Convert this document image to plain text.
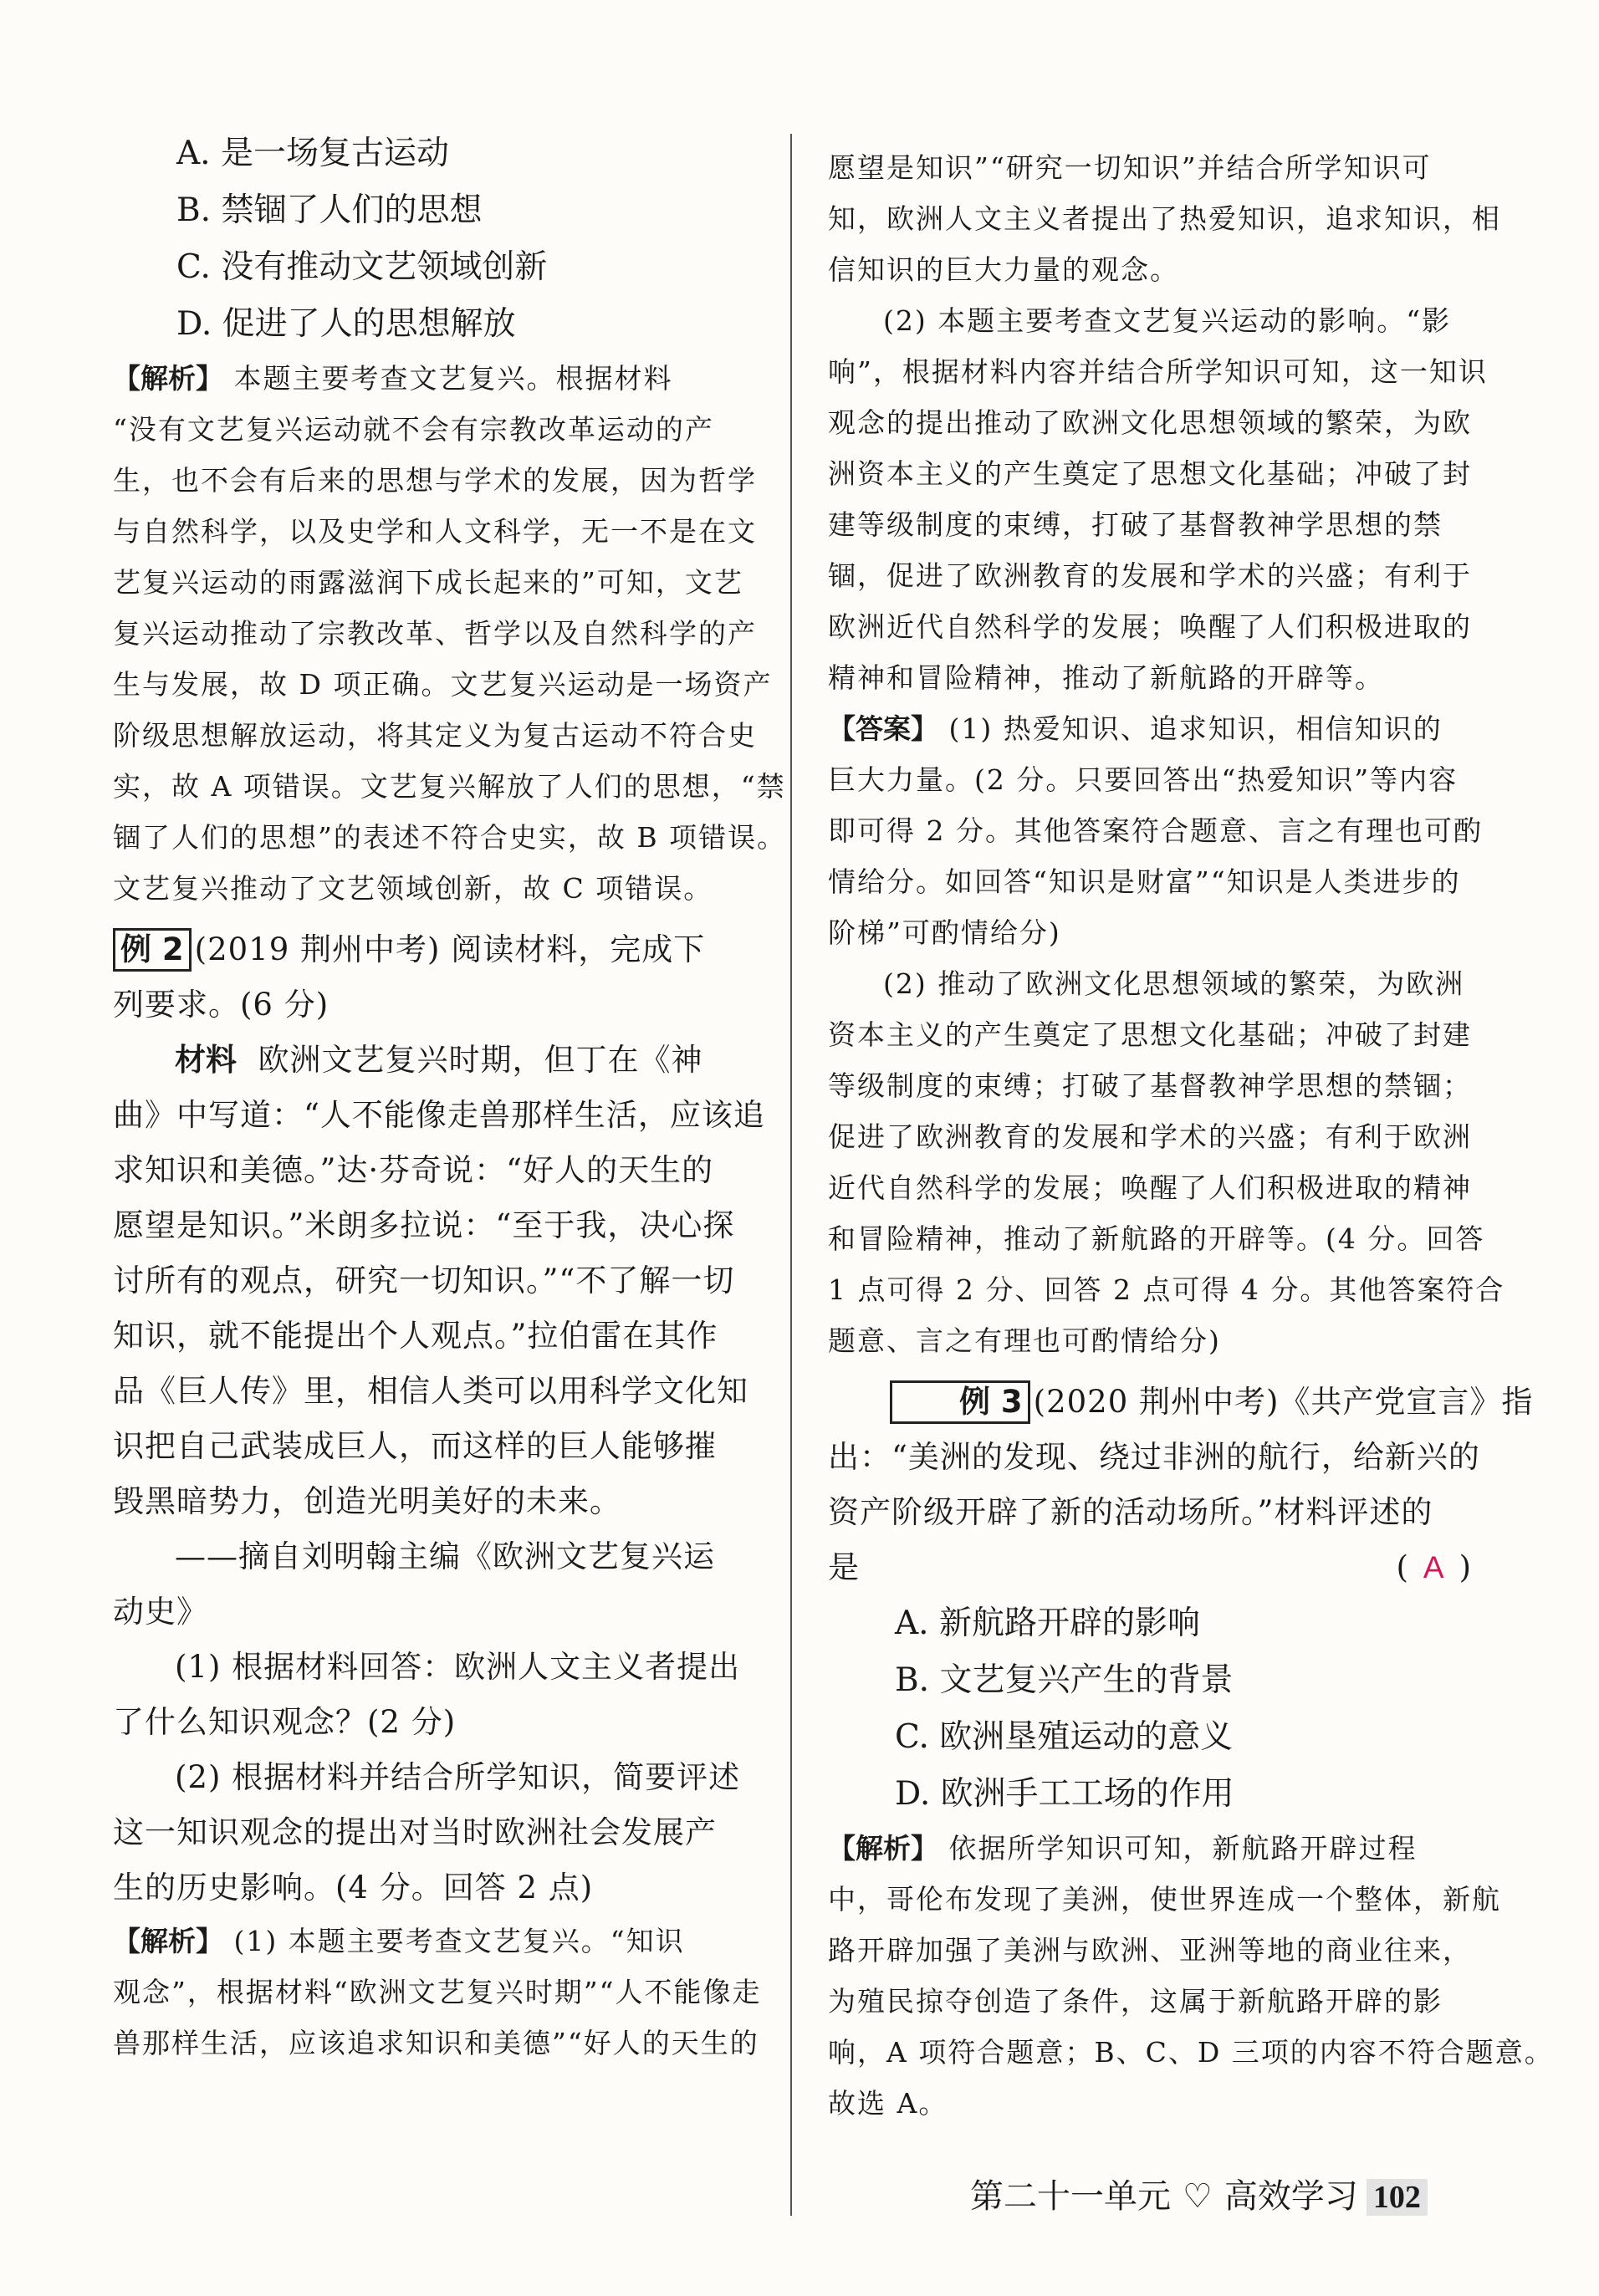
A. 是一场复古运动
B. 禁锢了人们的思想
C. 没有推动文艺领域创新
D. 促进了人的思想解放
【解析】 本题主要考查文艺复兴。根据材料
“没有文艺复兴运动就不会有宗教改革运动的产
生，也不会有后来的思想与学术的发展，因为哲学
与自然科学，以及史学和人文科学，无一不是在文
艺复兴运动的雨露滋润下成长起来的”可知，文艺
复兴运动推动了宗教改革、哲学以及自然科学的产
生与发展，故 D 项正确。文艺复兴运动是一场资产
阶级思想解放运动，将其定义为复古运动不符合史
实，故 A 项错误。文艺复兴解放了人们的思想，“禁
锢了人们的思想”的表述不符合史实，故 B 项错误。
文艺复兴推动了文艺领域创新，故 C 项错误。
例 2 (2019 荆州中考) 阅读材料，完成下
列要求。(6 分)
材料 欧洲文艺复兴时期，但丁在《神
曲》中写道：“人不能像走兽那样生活，应该追
求知识和美德。”达·芬奇说：“好人的天生的
愿望是知识。”米朗多拉说：“至于我，决心探
讨所有的观点，研究一切知识。”“不了解一切
知识，就不能提出个人观点。”拉伯雷在其作
品《巨人传》里，相信人类可以用科学文化知
识把自己武装成巨人，而这样的巨人能够摧
毁黑暗势力，创造光明美好的未来。
——摘自刘明翰主编《欧洲文艺复兴运
动史》
(1) 根据材料回答：欧洲人文主义者提出
了什么知识观念？(2 分)
(2) 根据材料并结合所学知识，简要评述
这一知识观念的提出对当时欧洲社会发展产
生的历史影响。(4 分。回答 2 点)
【解析】 (1) 本题主要考查文艺复兴。“知识
观念”，根据材料“欧洲文艺复兴时期”“人不能像走
兽那样生活，应该追求知识和美德”“好人的天生的
愿望是知识”“研究一切知识”并结合所学知识可
知，欧洲人文主义者提出了热爱知识，追求知识，相
信知识的巨大力量的观念。
(2) 本题主要考查文艺复兴运动的影响。“影
响”，根据材料内容并结合所学知识可知，这一知识
观念的提出推动了欧洲文化思想领域的繁荣，为欧
洲资本主义的产生奠定了思想文化基础；冲破了封
建等级制度的束缚，打破了基督教神学思想的禁
锢，促进了欧洲教育的发展和学术的兴盛；有利于
欧洲近代自然科学的发展；唤醒了人们积极进取的
精神和冒险精神，推动了新航路的开辟等。
【答案】 (1) 热爱知识、追求知识，相信知识的
巨大力量。(2 分。只要回答出“热爱知识”等内容
即可得 2 分。其他答案符合题意、言之有理也可酌
情给分。如回答“知识是财富”“知识是人类进步的
阶梯”可酌情给分)
(2) 推动了欧洲文化思想领域的繁荣，为欧洲
资本主义的产生奠定了思想文化基础；冲破了封建
等级制度的束缚；打破了基督教神学思想的禁锢；
促进了欧洲教育的发展和学术的兴盛；有利于欧洲
近代自然科学的发展；唤醒了人们积极进取的精神
和冒险精神，推动了新航路的开辟等。(4 分。回答
1 点可得 2 分、回答 2 点可得 4 分。其他答案符合
题意、言之有理也可酌情给分)
例 3 (2020 荆州中考)《共产党宣言》指
出：“美洲的发现、绕过非洲的航行，给新兴的
资产阶级开辟了新的活动场所。”材料评述的
是	( A )
A. 新航路开辟的影响
B. 文艺复兴产生的背景
C. 欧洲垦殖运动的意义
D. 欧洲手工工场的作用
【解析】 依据所学知识可知，新航路开辟过程
中，哥伦布发现了美洲，使世界连成一个整体，新航
路开辟加强了美洲与欧洲、亚洲等地的商业往来，
为殖民掠夺创造了条件，这属于新航路开辟的影
响，A 项符合题意；B、C、D 三项的内容不符合题意。
故选 A。
第二十一单元 ♡ 高效学习 102
